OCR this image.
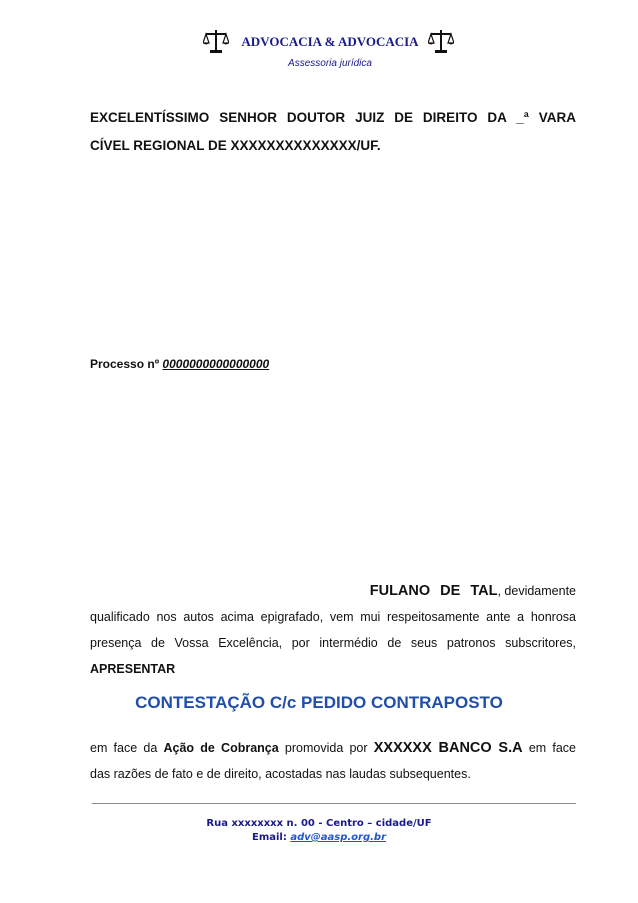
ADVOCACIA & ADVOCACIA
Assessoria jurídica
EXCELENTÍSSIMO SENHOR DOUTOR JUIZ DE DIREITO DA _ª VARA
CÍVEL REGIONAL DE XXXXXXXXXXXXXX/UF.
Processo nº 0000000000000000
FULANO DE TAL, devidamente
qualificado nos autos acima epigrafado, vem mui respeitosamente ante a honrosa
presença de Vossa Excelência, por intermédio de seus patronos subscritores,
APRESENTAR
CONTESTAÇÃO C/c PEDIDO CONTRAPOSTO
em face da Ação de Cobrança promovida por XXXXXX BANCO S.A em face
das razões de fato e de direito, acostadas nas laudas subsequentes.
Rua xxxxxxxx n. 00 - Centro – cidade/UF
Email: adv@aasp.org.br
